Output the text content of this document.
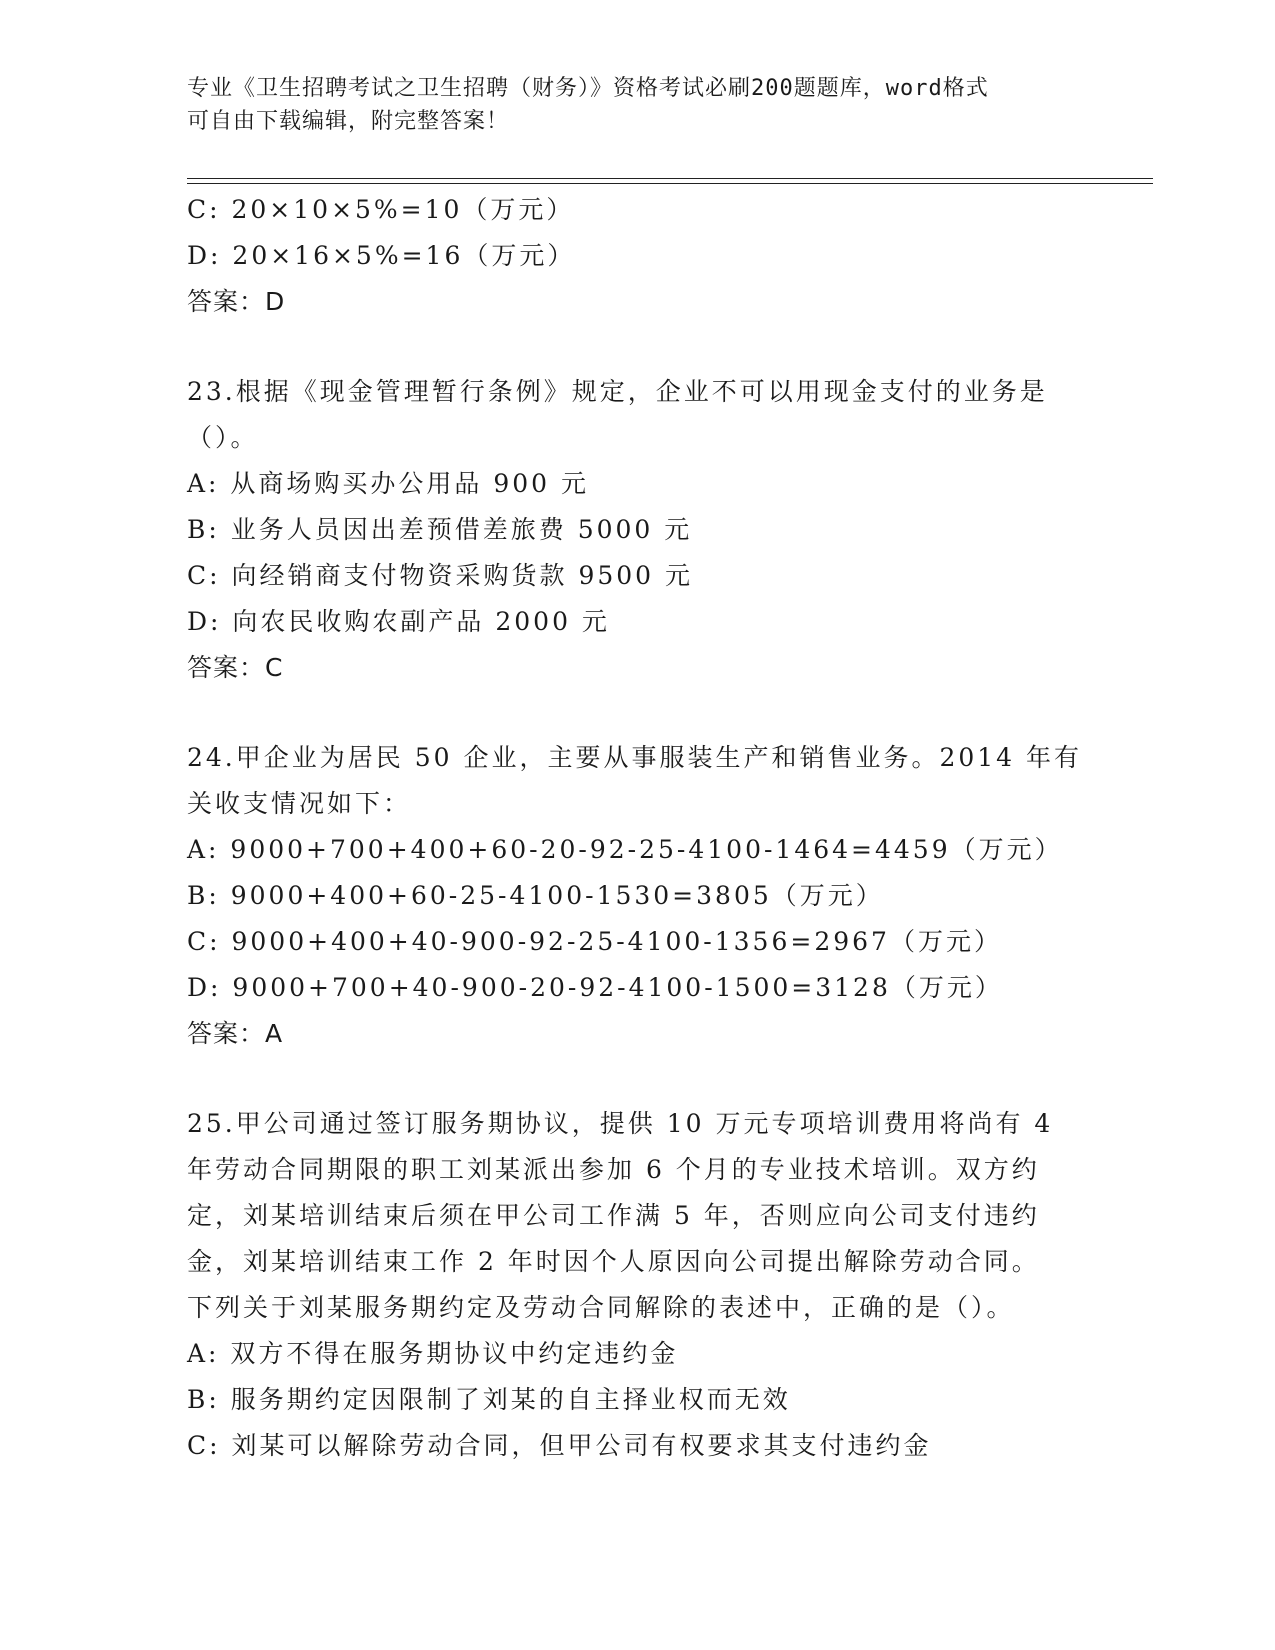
专业《卫生招聘考试之卫生招聘（财务）》资格考试必刷200题题库，word格式
可自由下载编辑，附完整答案！
C: 20×10×5%=10（万元）
D: 20×16×5%=16（万元）
答案：D
23.根据《现金管理暂行条例》规定，企业不可以用现金支付的业务是
（）。
A: 从商场购买办公用品 900 元
B: 业务人员因出差预借差旅费 5000 元
C: 向经销商支付物资采购货款 9500 元
D: 向农民收购农副产品 2000 元
答案：C
24.甲企业为居民 50 企业，主要从事服装生产和销售业务。2014 年有
关收支情况如下：
A: 9000+700+400+60-20-92-25-4100-1464=4459（万元）
B: 9000+400+60-25-4100-1530=3805（万元）
C: 9000+400+40-900-92-25-4100-1356=2967（万元）
D: 9000+700+40-900-20-92-4100-1500=3128（万元）
答案：A
25.甲公司通过签订服务期协议，提供 10 万元专项培训费用将尚有 4
年劳动合同期限的职工刘某派出参加 6 个月的专业技术培训。双方约
定，刘某培训结束后须在甲公司工作满 5 年，否则应向公司支付违约
金，刘某培训结束工作 2 年时因个人原因向公司提出解除劳动合同。
下列关于刘某服务期约定及劳动合同解除的表述中，正确的是（）。
A: 双方不得在服务期协议中约定违约金
B: 服务期约定因限制了刘某的自主择业权而无效
C: 刘某可以解除劳动合同，但甲公司有权要求其支付违约金
